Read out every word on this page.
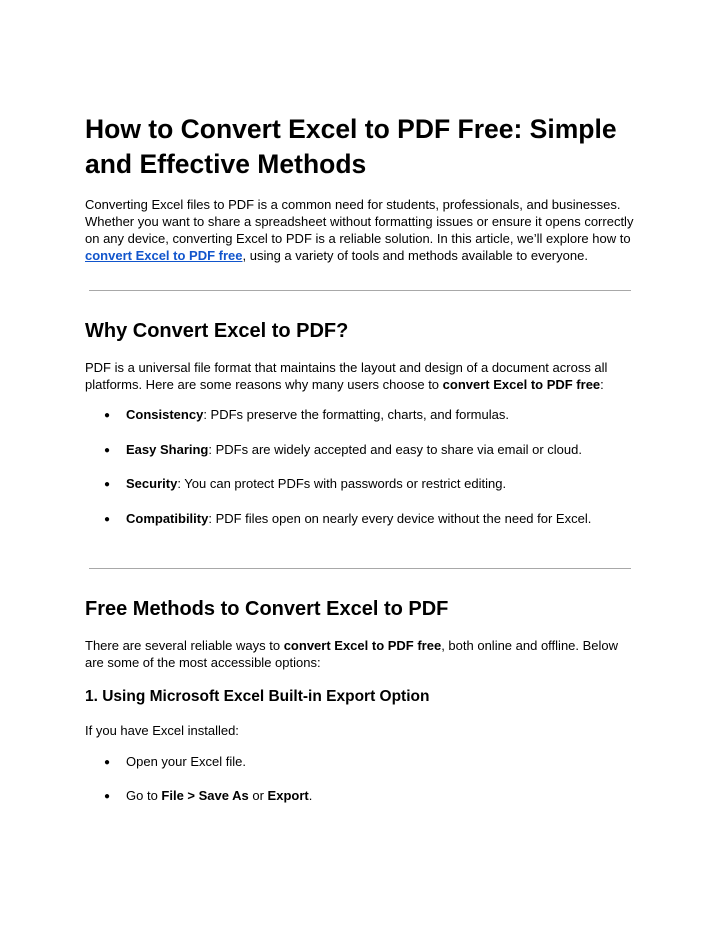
How to Convert Excel to PDF Free: Simple and Effective Methods

Converting Excel files to PDF is a common need for students, professionals, and businesses.
Whether you want to share a spreadsheet without formatting issues or ensure it opens correctly
on any device, converting Excel to PDF is a reliable solution. In this article, we’ll explore how to
convert Excel to PDF free, using a variety of tools and methods available to everyone.

Why Convert Excel to PDF?

PDF is a universal file format that maintains the layout and design of a document across all
platforms. Here are some reasons why many users choose to convert Excel to PDF free:

● Consistency: PDFs preserve the formatting, charts, and formulas.
● Easy Sharing: PDFs are widely accepted and easy to share via email or cloud.
● Security: You can protect PDFs with passwords or restrict editing.
● Compatibility: PDF files open on nearly every device without the need for Excel.
Free Methods to Convert Excel to PDF

There are several reliable ways to convert Excel to PDF free, both online and offline. Below
are some of the most accessible options:

1. Using Microsoft Excel Built-in Export Option

If you have Excel installed:

● Open your Excel file.
● Go to File > Save As or Export.
